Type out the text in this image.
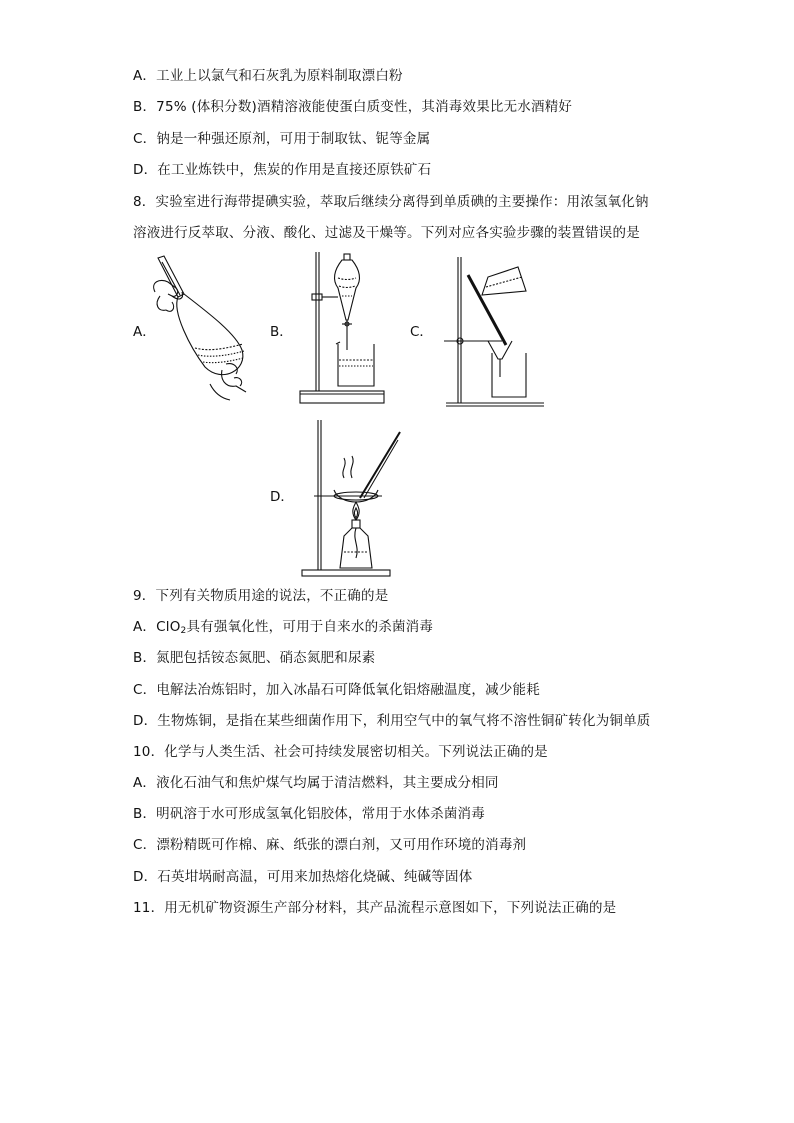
A．工业上以氯气和石灰乳为原料制取漂白粉
B．75% (体积分数)酒精溶液能使蛋白质变性，其消毒效果比无水酒精好
C．钠是一种强还原剂，可用于制取钛、铌等金属
D．在工业炼铁中，焦炭的作用是直接还原铁矿石
8．实验室进行海带提碘实验，萃取后继续分离得到单质碘的主要操作：用浓氢氧化钠
溶液进行反萃取、分液、酸化、过滤及干燥等。下列对应各实验步骤的装置错误的是
A．	B．	C．
D．
9．下列有关物质用途的说法，不正确的是
A．ClO$_2$具有强氧化性，可用于自来水的杀菌消毒
B．氮肥包括铵态氮肥、硝态氮肥和尿素
C．电解法冶炼铝时，加入冰晶石可降低氧化铝熔融温度，减少能耗
D．生物炼铜，是指在某些细菌作用下，利用空气中的氧气将不溶性铜矿转化为铜单质
10．化学与人类生活、社会可持续发展密切相关。下列说法正确的是
A．液化石油气和焦炉煤气均属于清洁燃料，其主要成分相同
B．明矾溶于水可形成氢氧化铝胶体，常用于水体杀菌消毒
C．漂粉精既可作棉、麻、纸张的漂白剂，又可用作环境的消毒剂
D．石英坩埚耐高温，可用来加热熔化烧碱、纯碱等固体
11．用无机矿物资源生产部分材料，其产品流程示意图如下，下列说法正确的是
